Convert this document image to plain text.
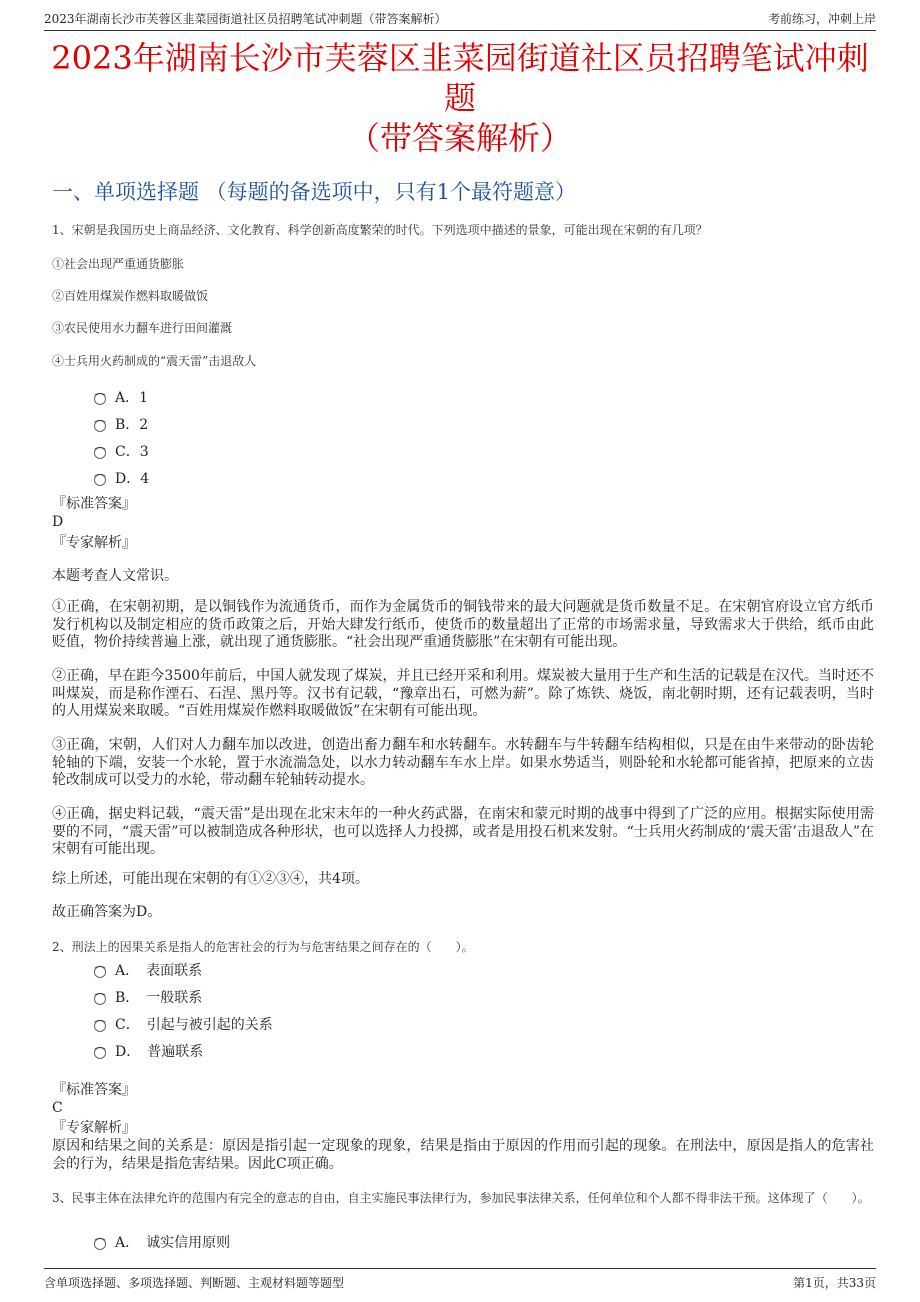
2023年湖南长沙市芙蓉区韭菜园街道社区员招聘笔试冲刺题（带答案解析）	考前练习，冲刺上岸
2023年湖南长沙市芙蓉区韭菜园街道社区员招聘笔试冲刺题
（带答案解析）
一、单项选择题 （每题的备选项中，只有1个最符题意）
1、宋朝是我国历史上商品经济、文化教育、科学创新高度繁荣的时代。下列选项中描述的景象，可能出现在宋朝的有几项？
①社会出现严重通货膨胀
②百姓用煤炭作燃料取暖做饭
③农民使用水力翻车进行田间灌溉
④士兵用火药制成的“震天雷”击退敌人
A．1
B．2
C．3
D．4
『标准答案』
D
『专家解析』
本题考查人文常识。
①正确，在宋朝初期，是以铜钱作为流通货币，而作为金属货币的铜钱带来的最大问题就是货币数量不足。在宋朝官府设立官方纸币发行机构以及制定相应的货币政策之后，开始大肆发行纸币，使货币的数量超出了正常的市场需求量，导致需求大于供给，纸币由此贬值，物价持续普遍上涨，就出现了通货膨胀。“社会出现严重通货膨胀”在宋朝有可能出现。
②正确，早在距今3500年前后，中国人就发现了煤炭，并且已经开采和利用。煤炭被大量用于生产和生活的记载是在汉代。当时还不叫煤炭，而是称作湮石、石涅、黑丹等。汉书有记载，“豫章出石，可燃为薪”。除了炼铁、烧饭，南北朝时期，还有记载表明，当时的人用煤炭来取暖。“百姓用煤炭作燃料取暖做饭”在宋朝有可能出现。
③正确，宋朝，人们对人力翻车加以改进，创造出畜力翻车和水转翻车。水转翻车与牛转翻车结构相似，只是在由牛来带动的卧齿轮轮轴的下端，安装一个水轮，置于水流湍急处，以水力转动翻车车水上岸。如果水势适当，则卧轮和水轮都可能省掉，把原来的立齿轮改制成可以受力的水轮，带动翻车轮轴转动提水。
④正确，据史料记载，“震天雷”是出现在北宋末年的一种火药武器，在南宋和蒙元时期的战事中得到了广泛的应用。根据实际使用需要的不同，“震天雷”可以被制造成各种形状，也可以选择人力投掷，或者是用投石机来发射。“士兵用火药制成的‘震天雷’击退敌人”在宋朝有可能出现。
综上所述，可能出现在宋朝的有①②③④，共4项。
故正确答案为D。
2、刑法上的因果关系是指人的危害社会的行为与危害结果之间存在的（　　）。
A．　表面联系
B．　一般联系
C．　引起与被引起的关系
D．　普遍联系
『标准答案』
C
『专家解析』
原因和结果之间的关系是：原因是指引起一定现象的现象，结果是指由于原因的作用而引起的现象。在刑法中，原因是指人的危害社会的行为，结果是指危害结果。因此C项正确。
3、民事主体在法律允许的范围内有完全的意志的自由，自主实施民事法律行为，参加民事法律关系，任何单位和个人都不得非法干预。这体现了（　　）。
A．　诚实信用原则
含单项选择题、多项选择题、判断题、主观材料题等题型	第1页，共33页
